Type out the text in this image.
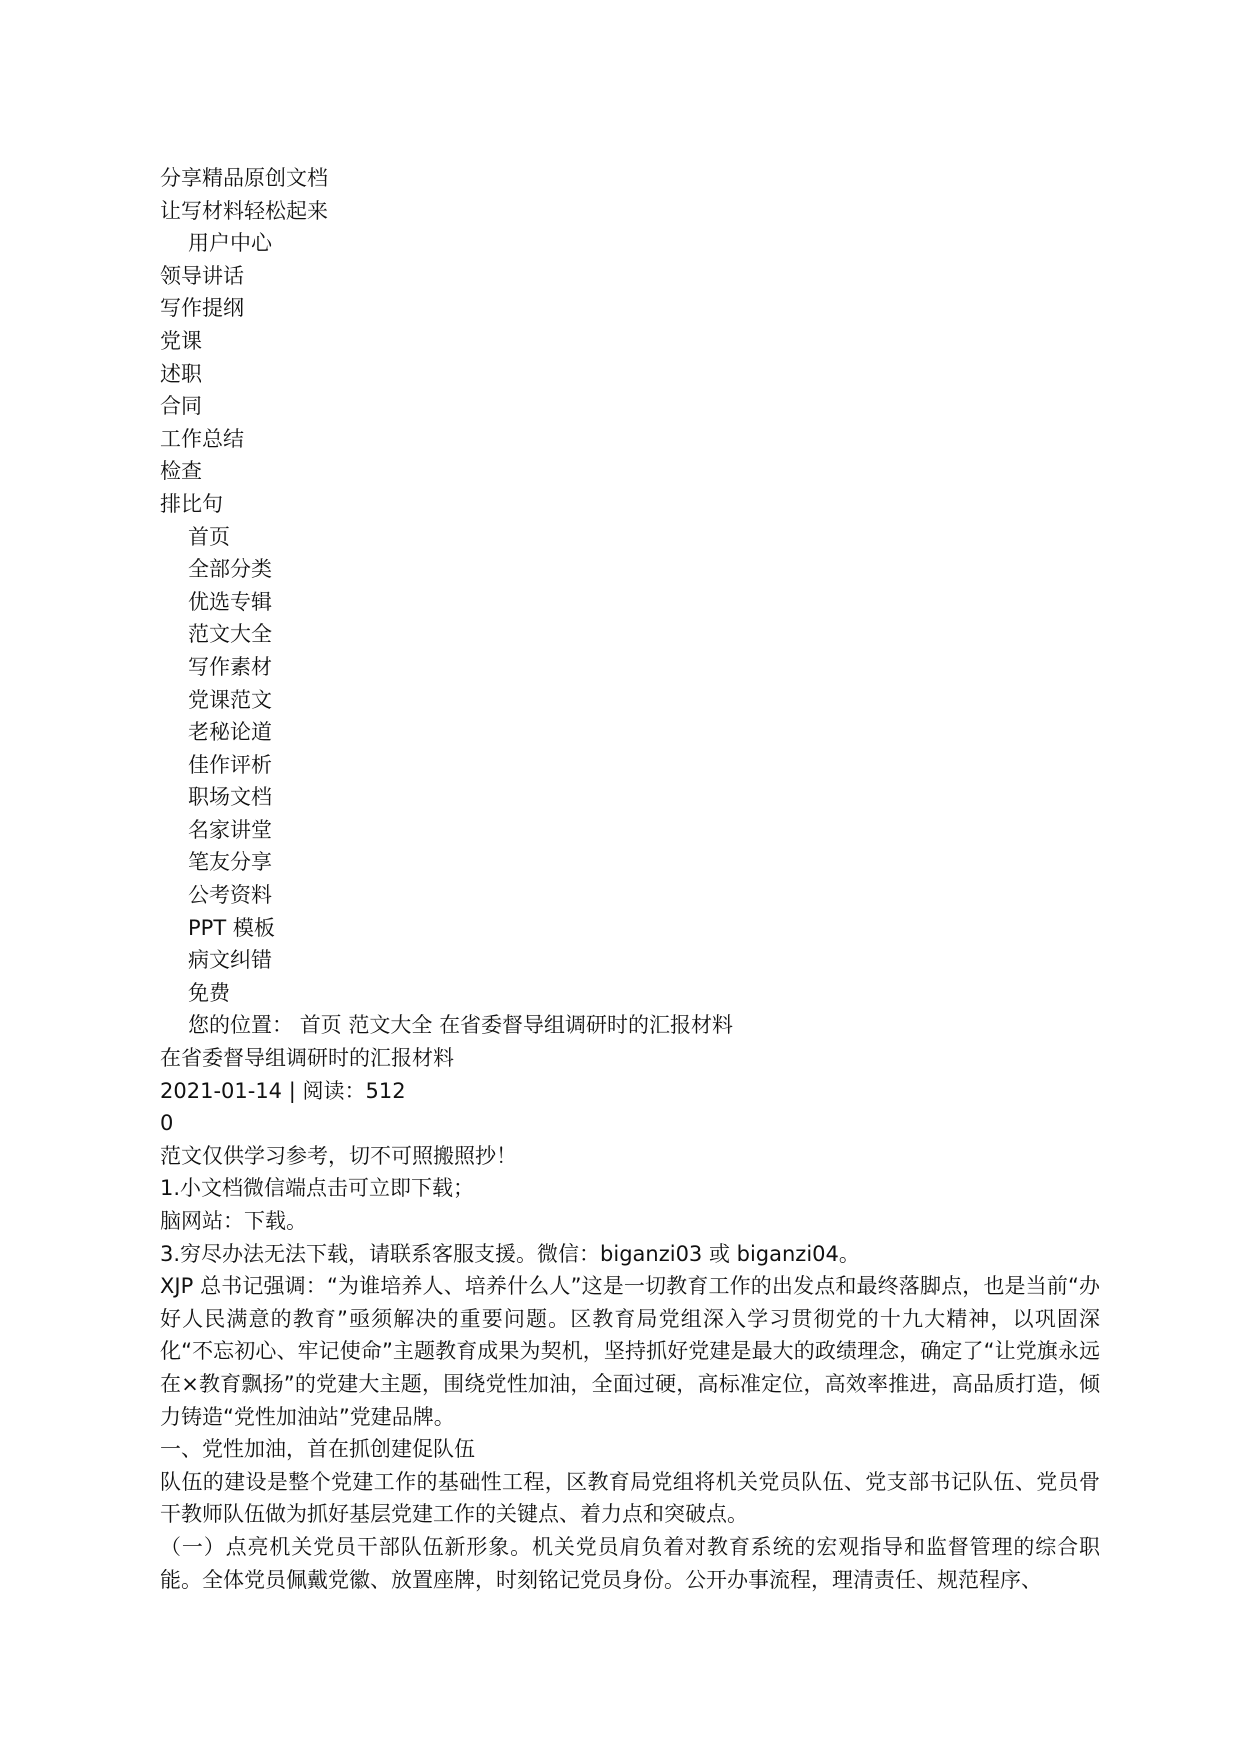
分享精品原创文档
让写材料轻松起来
用户中心
领导讲话
写作提纲
党课
述职
合同
工作总结
检查
排比句
首页
全部分类
优选专辑
范文大全
写作素材
党课范文
老秘论道
佳作评析
职场文档
名家讲堂
笔友分享
公考资料
PPT 模板
病文纠错
免费
您的位置： 首页 范文大全 在省委督导组调研时的汇报材料
在省委督导组调研时的汇报材料
2021-01-14 | 阅读：512
0
范文仅供学习参考，切不可照搬照抄！
1.小文档微信端点击可立即下载；
脑网站：下载。
3.穷尽办法无法下载，请联系客服支援。微信：biganzi03 或 biganzi04。
XJP 总书记强调：“为谁培养人、培养什么人”这是一切教育工作的出发点和最终落脚点，也是当前“办好人民满意的教育”亟须解决的重要问题。区教育局党组深入学习贯彻党的十九大精神，以巩固深化“不忘初心、牢记使命”主题教育成果为契机，坚持抓好党建是最大的政绩理念，确定了“让党旗永远在×教育飘扬”的党建大主题，围绕党性加油，全面过硬，高标准定位，高效率推进，高品质打造，倾力铸造“党性加油站”党建品牌。
一、党性加油，首在抓创建促队伍
队伍的建设是整个党建工作的基础性工程，区教育局党组将机关党员队伍、党支部书记队伍、党员骨干教师队伍做为抓好基层党建工作的关键点、着力点和突破点。
（一）点亮机关党员干部队伍新形象。机关党员肩负着对教育系统的宏观指导和监督管理的综合职能。全体党员佩戴党徽、放置座牌，时刻铭记党员身份。公开办事流程，理清责任、规范程序、
